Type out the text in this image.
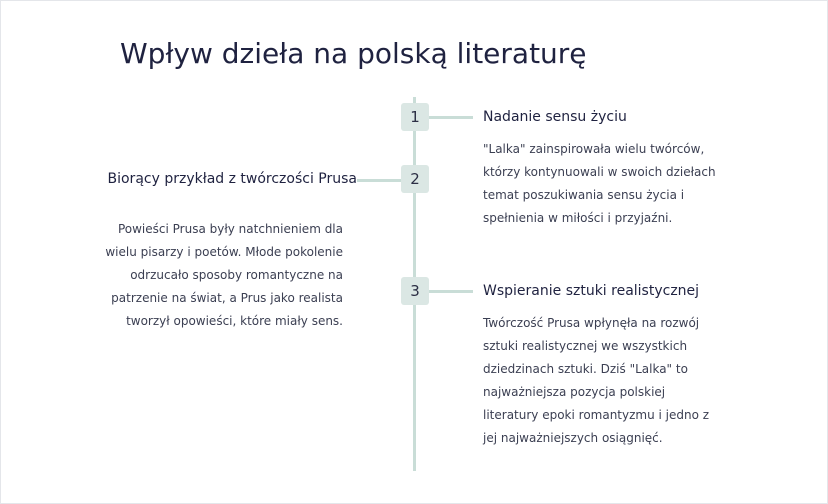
Wpływ dzieła na polską literaturę
1	Nadanie sensu życiu
"Lalka" zainspirowała wielu twórców, którzy kontynuowali w swoich dziełach temat poszukiwania sensu życia i spełnienia w miłości i przyjaźni.
2
Biorący przykład z twórczości Prusa
Powieści Prusa były natchnieniem dla wielu pisarzy i poetów. Młode pokolenie odrzucało sposoby romantyczne na patrzenie na świat, a Prus jako realista tworzył opowieści, które miały sens.
3	Wspieranie sztuki realistycznej
Twórczość Prusa wpłynęła na rozwój sztuki realistycznej we wszystkich dziedzinach sztuki. Dziś "Lalka" to najważniejsza pozycja polskiej literatury epoki romantyzmu i jedno z jej najważniejszych osiągnięć.
